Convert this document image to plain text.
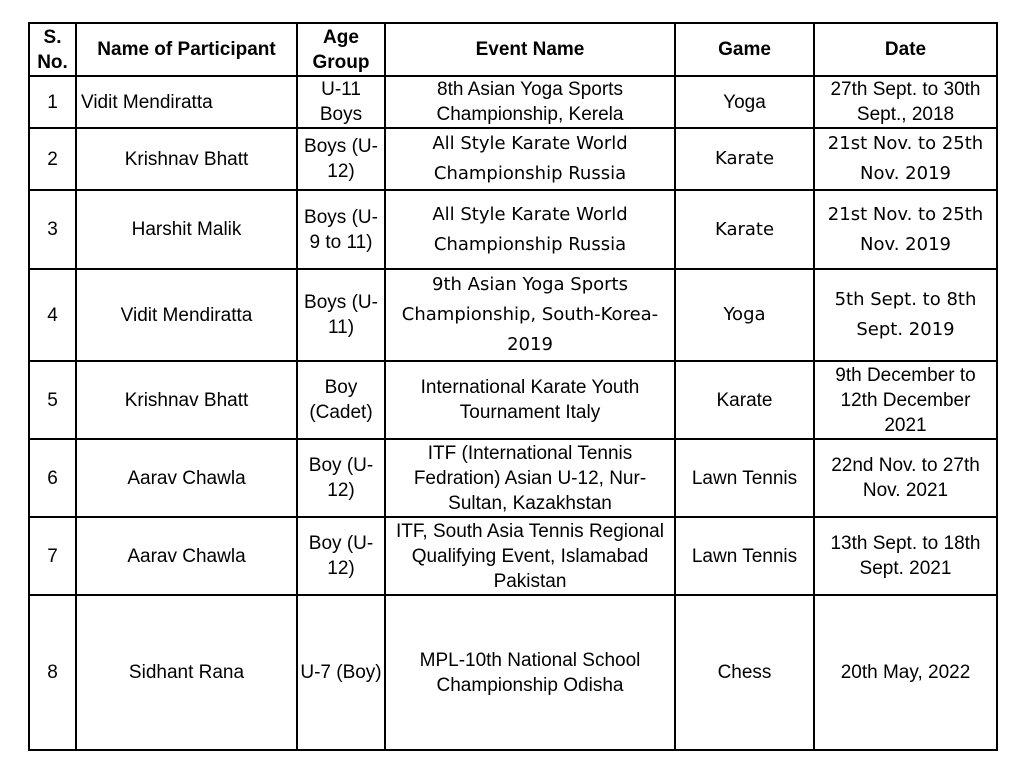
S. No.	Name of Participant	Age Group	Event Name	Game	Date
1	Vidit Mendiratta	U-11 Boys	8th Asian Yoga Sports Championship, Kerela	Yoga	27th Sept. to 30th Sept., 2018
2	Krishnav Bhatt	Boys (U-12)	All Style Karate World Championship Russia	Karate	21st Nov. to 25th Nov. 2019
3	Harshit Malik	Boys (U-9 to 11)	All Style Karate World Championship Russia	Karate	21st Nov. to 25th Nov. 2019
4	Vidit Mendiratta	Boys (U- 11)	9th Asian Yoga Sports Championship, South-Korea-2019	Yoga	5th Sept. to 8th Sept. 2019
5	Krishnav Bhatt	Boy (Cadet)	International Karate Youth Tournament Italy	Karate	9th December to 12th December 2021
6	Aarav Chawla	Boy (U-12)	ITF (International Tennis Fedration) Asian U-12, Nur-Sultan, Kazakhstan	Lawn Tennis	22nd Nov. to 27th Nov. 2021
7	Aarav Chawla	Boy (U-12)	ITF, South Asia Tennis Regional Qualifying Event, Islamabad Pakistan	Lawn Tennis	13th Sept. to 18th Sept. 2021
8	Sidhant Rana	U-7 (Boy)	MPL-10th National School Championship Odisha	Chess	20th May, 2022
